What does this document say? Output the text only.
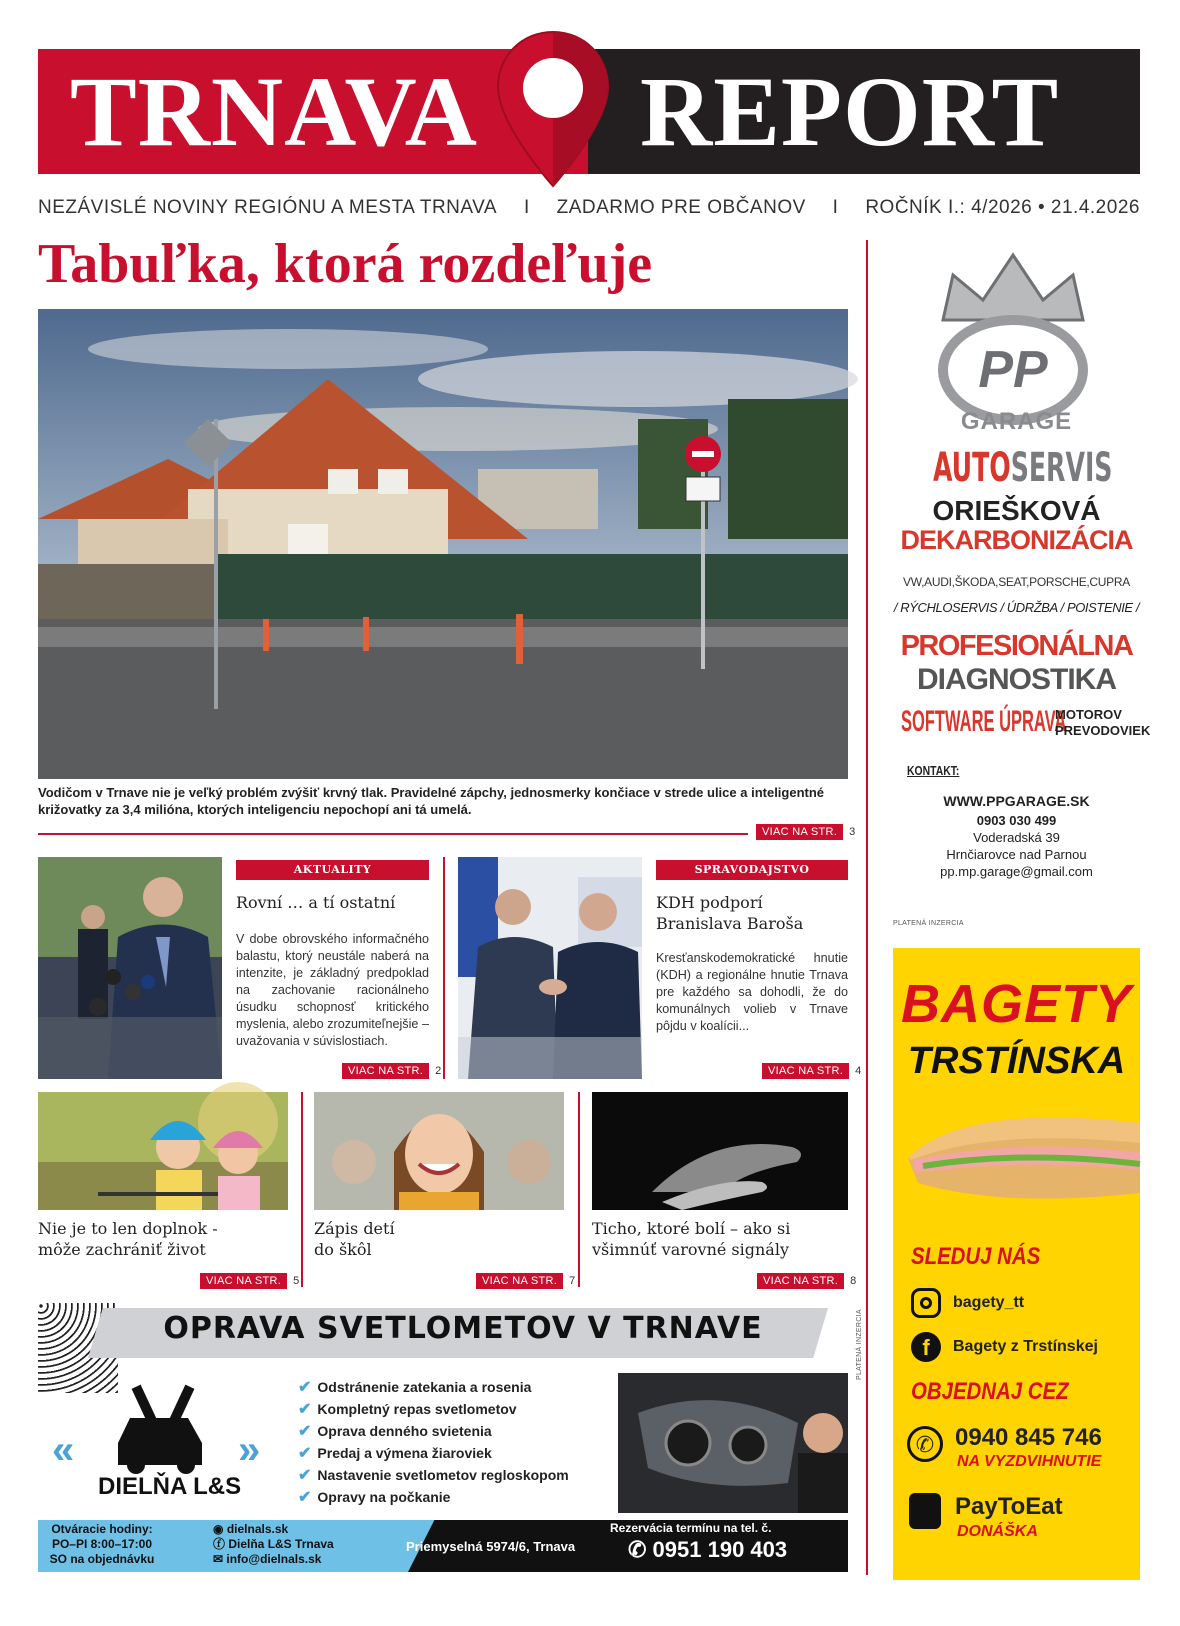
TRNAVA REPORT
NEZÁVISLÉ NOVINY REGIÓNU A MESTA TRNAVA I ZADARMO PRE OBČANOV I ROČNÍK I.: 4/2026 • 21.4.2026
Tabuľka, ktorá rozdeľuje
Vodičom v Trnave nie je veľký problém zvýšiť krvný tlak. Pravidelné zápchy, jednosmerky končiace v strede ulice a inteligentné križovatky za 3,4 milióna, ktorých inteligenciu nepochopí ani tá umelá.
VIAC NA STR.	3
AKTUALITY
Rovní … a tí ostatní
V dobe obrovského informačného balastu, ktorý neustále naberá na intenzite, je základný predpoklad na zachovanie racionálneho úsudku schopnosť kritického myslenia, alebo zrozumiteľnejšie – uvažovania v súvislostiach.
VIAC NA STR.	2
SPRAVODAJSTVO
KDH podporí Branislava Baroša
Kresťanskodemokratické hnutie (KDH) a regionálne hnutie Trnava pre každého sa dohodli, že do komunálnych volieb v Trnave pôjdu v koalícii...
VIAC NA STR.	4
Nie je to len doplnok -
môže zachrániť život
VIAC NA STR.	5
Zápis detí
do škôl
VIAC NA STR.	7
Ticho, ktoré bolí – ako si
všimnúť varovné signály
VIAC NA STR.	8
OPRAVA SVETLOMETOV V TRNAVE
«	»
DIELŇA L&S
✔ Odstránenie zatekania a rosenia
✔ Kompletný repas svetlometov
✔ Oprava denného svietenia
✔ Predaj a výmena žiaroviek
✔ Nastavenie svetlometov regloskopom
✔ Opravy na počkanie
Otváracie hodiny:
PO–PI 8:00–17:00
SO na objednávku
◉ dielnals.sk
ⓕ Dielňa L&S Trnava
✉ info@dielnals.sk
Priemyselná 5974/6, Trnava
Rezervácia termínu na tel. č.
✆ 0951 190 403
PLATENÁ INZERCIA
PP
GARAGE
AUTOSERVIS
ORIEŠKOVÁ
DEKARBONIZÁCIA
VW,AUDI,ŠKODA,SEAT,PORSCHE,CUPRA
/ RÝCHLOSERVIS / ÚDRŽBA / POISTENIE /
PROFESIONÁLNA
DIAGNOSTIKA
SOFTWARE ÚPRAVA
MOTOROV
PREVODOVIEK
KONTAKT:
WWW.PPGARAGE.SK
0903 030 499
Voderadská 39
Hrnčiarovce nad Parnou
pp.mp.garage@gmail.com
PLATENÁ INZERCIA
BAGETY
TRSTÍNSKA
SLEDUJ NÁS
bagety_tt
f	Bagety z Trstínskej
OBJEDNAJ CEZ
✆ 0940 845 746
NA VYZDVIHNUTIE
PayToEat
DONÁŠKA
